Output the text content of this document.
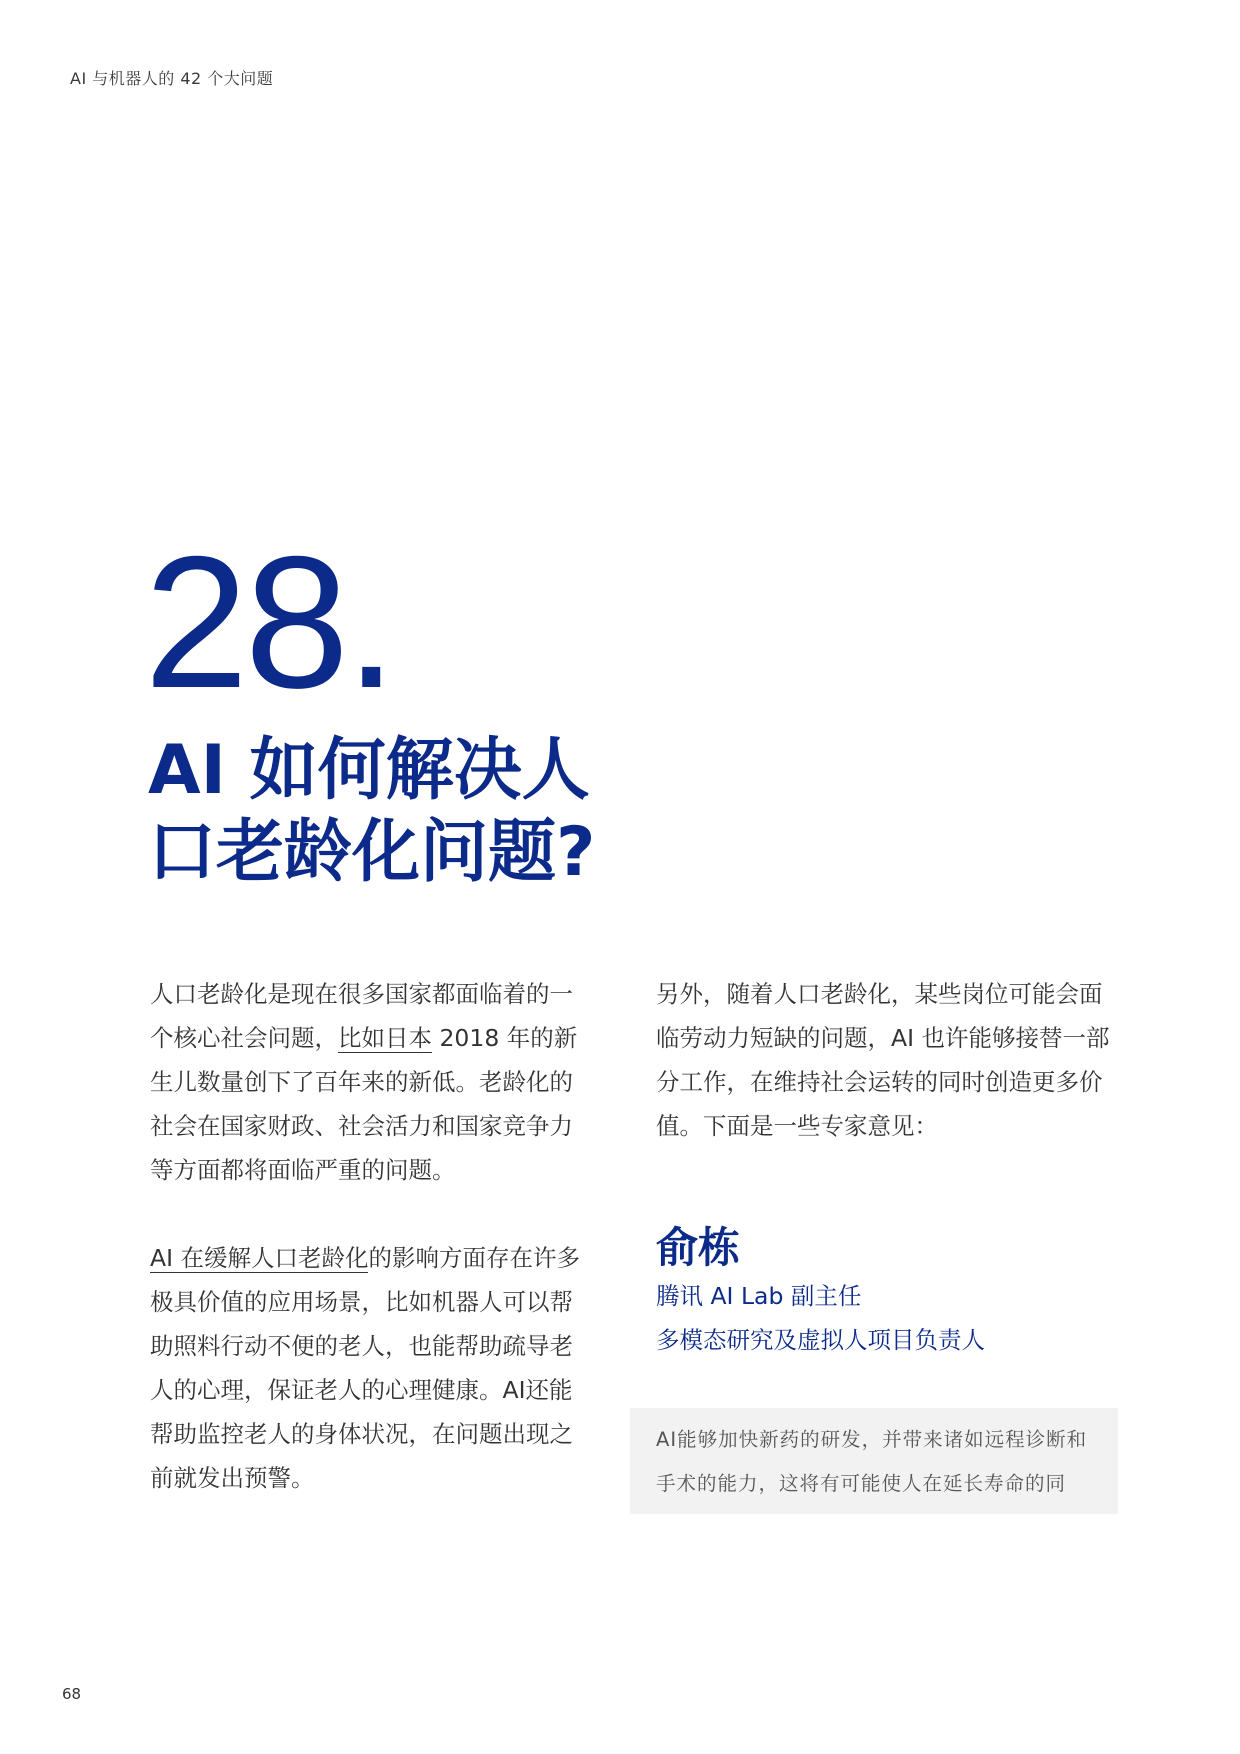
AI 与机器人的 42 个大问题
28.
AI 如何解决人
口老龄化问题?

人口老龄化是现在很多国家都面临着的一个核心社会问题，比如日本 2018 年的新生儿数量创下了百年来的新低。老龄化的社会在国家财政、社会活力和国家竞争力等方面都将面临严重的问题。

AI 在缓解人口老龄化的影响方面存在许多极具价值的应用场景，比如机器人可以帮助照料行动不便的老人，也能帮助疏导老人的心理，保证老人的心理健康。AI还能帮助监控老人的身体状况，在问题出现之前就发出预警。

另外，随着人口老龄化，某些岗位可能会面临劳动力短缺的问题，AI 也许能够接替一部分工作，在维持社会运转的同时创造更多价值。下面是一些专家意见：

俞栋

腾讯 AI Lab 副主任

多模态研究及虚拟人项目负责人

AI能够加快新药的研发，并带来诸如远程诊断和手术的能力，这将有可能使人在延长寿命的同

68
